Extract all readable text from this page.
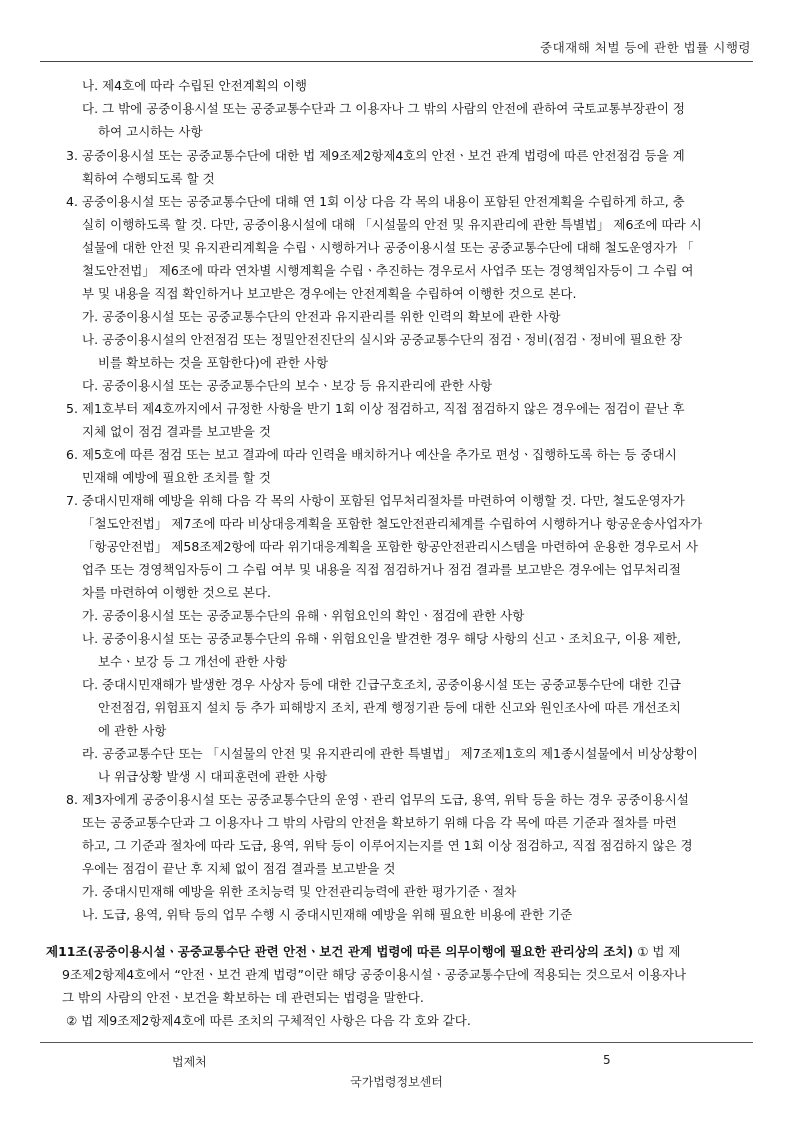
중대재해 처벌 등에 관한 법률 시행령
나. 제4호에 따라 수립된 안전계획의 이행
다. 그 밖에 공중이용시설 또는 공중교통수단과 그 이용자나 그 밖의 사람의 안전에 관하여 국토교통부장관이 정
하여 고시하는 사항
3. 공중이용시설 또는 공중교통수단에 대한 법 제9조제2항제4호의 안전ㆍ보건 관계 법령에 따른 안전점검 등을 계
획하여 수행되도록 할 것
4. 공중이용시설 또는 공중교통수단에 대해 연 1회 이상 다음 각 목의 내용이 포함된 안전계획을 수립하게 하고, 충
실히 이행하도록 할 것. 다만, 공중이용시설에 대해 「시설물의 안전 및 유지관리에 관한 특별법」 제6조에 따라 시
설물에 대한 안전 및 유지관리계획을 수립ㆍ시행하거나 공중이용시설 또는 공중교통수단에 대해 철도운영자가 「
철도안전법」 제6조에 따라 연차별 시행계획을 수립ㆍ추진하는 경우로서 사업주 또는 경영책임자등이 그 수립 여
부 및 내용을 직접 확인하거나 보고받은 경우에는 안전계획을 수립하여 이행한 것으로 본다.
가. 공중이용시설 또는 공중교통수단의 안전과 유지관리를 위한 인력의 확보에 관한 사항
나. 공중이용시설의 안전점검 또는 정밀안전진단의 실시와 공중교통수단의 점검ㆍ정비(점검ㆍ정비에 필요한 장
비를 확보하는 것을 포함한다)에 관한 사항
다. 공중이용시설 또는 공중교통수단의 보수ㆍ보강 등 유지관리에 관한 사항
5. 제1호부터 제4호까지에서 규정한 사항을 반기 1회 이상 점검하고, 직접 점검하지 않은 경우에는 점검이 끝난 후
지체 없이 점검 결과를 보고받을 것
6. 제5호에 따른 점검 또는 보고 결과에 따라 인력을 배치하거나 예산을 추가로 편성ㆍ집행하도록 하는 등 중대시
민재해 예방에 필요한 조치를 할 것
7. 중대시민재해 예방을 위해 다음 각 목의 사항이 포함된 업무처리절차를 마련하여 이행할 것. 다만, 철도운영자가
「철도안전법」 제7조에 따라 비상대응계획을 포함한 철도안전관리체계를 수립하여 시행하거나 항공운송사업자가
「항공안전법」 제58조제2항에 따라 위기대응계획을 포함한 항공안전관리시스템을 마련하여 운용한 경우로서 사
업주 또는 경영책임자등이 그 수립 여부 및 내용을 직접 점검하거나 점검 결과를 보고받은 경우에는 업무처리절
차를 마련하여 이행한 것으로 본다.
가. 공중이용시설 또는 공중교통수단의 유해ㆍ위험요인의 확인ㆍ점검에 관한 사항
나. 공중이용시설 또는 공중교통수단의 유해ㆍ위험요인을 발견한 경우 해당 사항의 신고ㆍ조치요구, 이용 제한,
보수ㆍ보강 등 그 개선에 관한 사항
다. 중대시민재해가 발생한 경우 사상자 등에 대한 긴급구호조치, 공중이용시설 또는 공중교통수단에 대한 긴급
안전점검, 위험표지 설치 등 추가 피해방지 조치, 관계 행정기관 등에 대한 신고와 원인조사에 따른 개선조치
에 관한 사항
라. 공중교통수단 또는 「시설물의 안전 및 유지관리에 관한 특별법」 제7조제1호의 제1종시설물에서 비상상황이
나 위급상황 발생 시 대피훈련에 관한 사항
8. 제3자에게 공중이용시설 또는 공중교통수단의 운영ㆍ관리 업무의 도급, 용역, 위탁 등을 하는 경우 공중이용시설
또는 공중교통수단과 그 이용자나 그 밖의 사람의 안전을 확보하기 위해 다음 각 목에 따른 기준과 절차를 마련
하고, 그 기준과 절차에 따라 도급, 용역, 위탁 등이 이루어지는지를 연 1회 이상 점검하고, 직접 점검하지 않은 경
우에는 점검이 끝난 후 지체 없이 점검 결과를 보고받을 것
가. 중대시민재해 예방을 위한 조치능력 및 안전관리능력에 관한 평가기준ㆍ절차
나. 도급, 용역, 위탁 등의 업무 수행 시 중대시민재해 예방을 위해 필요한 비용에 관한 기준
제11조(공중이용시설ㆍ공중교통수단 관련 안전ㆍ보건 관계 법령에 따른 의무이행에 필요한 관리상의 조치) ① 법 제
9조제2항제4호에서 “안전ㆍ보건 관계 법령”이란 해당 공중이용시설ㆍ공중교통수단에 적용되는 것으로서 이용자나
그 밖의 사람의 안전ㆍ보건을 확보하는 데 관련되는 법령을 말한다.
② 법 제9조제2항제4호에 따른 조치의 구체적인 사항은 다음 각 호와 같다.
법제처	5
국가법령정보센터
